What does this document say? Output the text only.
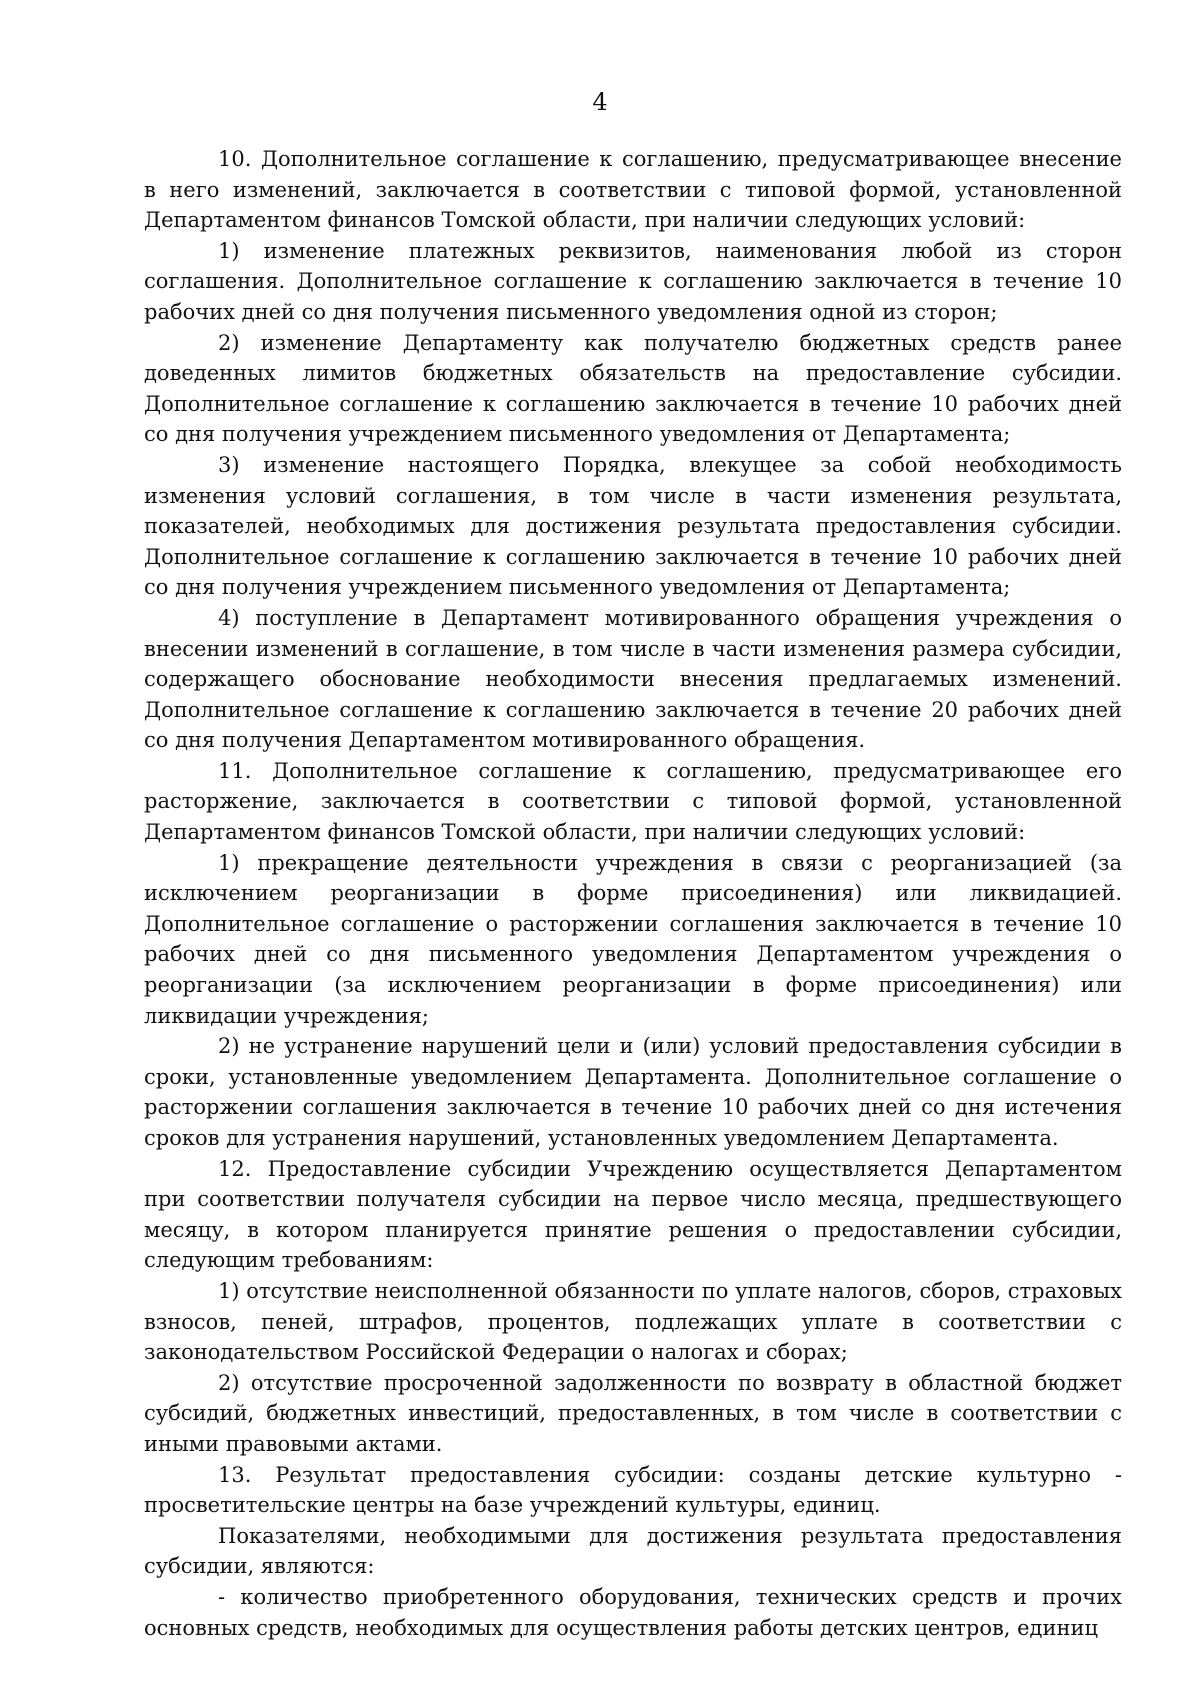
4

10. Дополнительное соглашение к соглашению, предусматривающее внесение в него изменений, заключается в соответствии с типовой формой, установленной Департаментом финансов Томской области, при наличии следующих условий:

1) изменение платежных реквизитов, наименования любой из сторон соглашения. Дополнительное соглашение к соглашению заключается в течение 10 рабочих дней со дня получения письменного уведомления одной из сторон;

2) изменение Департаменту как получателю бюджетных средств ранее доведенных лимитов бюджетных обязательств на предоставление субсидии. Дополнительное соглашение к соглашению заключается в течение 10 рабочих дней со дня получения учреждением письменного уведомления от Департамента;

3) изменение настоящего Порядка, влекущее за собой необходимость изменения условий соглашения, в том числе в части изменения результата, показателей, необходимых для достижения результата предоставления субсидии. Дополнительное соглашение к соглашению заключается в течение 10 рабочих дней со дня получения учреждением письменного уведомления от Департамента;

4) поступление в Департамент мотивированного обращения учреждения о внесении изменений в соглашение, в том числе в части изменения размера субсидии, содержащего обоснование необходимости внесения предлагаемых изменений. Дополнительное соглашение к соглашению заключается в течение 20 рабочих дней со дня получения Департаментом мотивированного обращения.

11. Дополнительное соглашение к соглашению, предусматривающее его расторжение, заключается в соответствии с типовой формой, установленной Департаментом финансов Томской области, при наличии следующих условий:

1) прекращение деятельности учреждения в связи с реорганизацией (за исключением реорганизации в форме присоединения) или ликвидацией. Дополнительное соглашение о расторжении соглашения заключается в течение 10 рабочих дней со дня письменного уведомления Департаментом учреждения о реорганизации (за исключением реорганизации в форме присоединения) или ликвидации учреждения;

2) не устранение нарушений цели и (или) условий предоставления субсидии в сроки, установленные уведомлением Департамента. Дополнительное соглашение о расторжении соглашения заключается в течение 10 рабочих дней со дня истечения сроков для устранения нарушений, установленных уведомлением Департамента.

12. Предоставление субсидии Учреждению осуществляется Департаментом при соответствии получателя субсидии на первое число месяца, предшествующего месяцу, в котором планируется принятие решения о предоставлении субсидии, следующим требованиям:

1) отсутствие неисполненной обязанности по уплате налогов, сборов, страховых взносов, пеней, штрафов, процентов, подлежащих уплате в соответствии с законодательством Российской Федерации о налогах и сборах;

2) отсутствие просроченной задолженности по возврату в областной бюджет субсидий, бюджетных инвестиций, предоставленных, в том числе в соответствии с иными правовыми актами.

13. Результат предоставления субсидии: созданы детские культурно - просветительские центры на базе учреждений культуры, единиц.

Показателями, необходимыми для достижения результата предоставления субсидии, являются:

- количество приобретенного оборудования, технических средств и прочих основных средств, необходимых для осуществления работы детских центров, единиц
